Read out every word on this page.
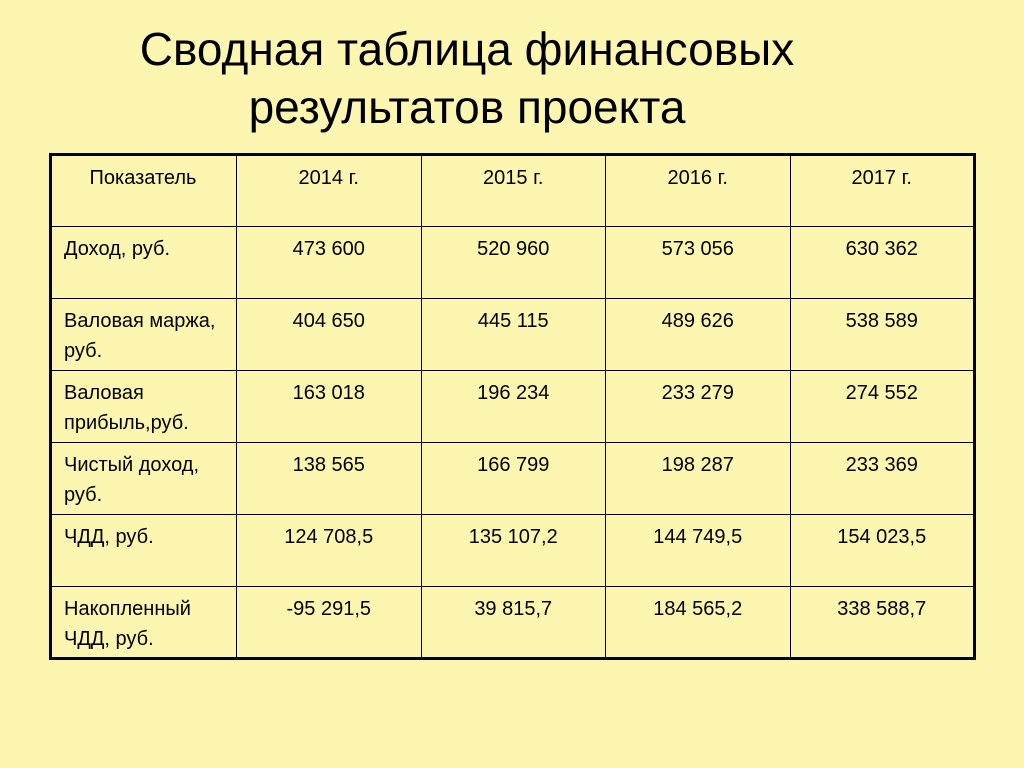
Сводная таблица финансовых
результатов проекта
Показатель	2014 г.	2015 г.	2016 г.	2017 г.
Доход, руб.	473 600	520 960	573 056	630 362
Валовая маржа, руб.	404 650	445 115	489 626	538 589
Валовая прибыль,руб.	163 018	196 234	233 279	274 552
Чистый доход, руб.	138 565	166 799	198 287	233 369
ЧДД, руб.	124 708,5	135 107,2	144 749,5	154 023,5
Накопленный ЧДД, руб.	-95 291,5	39 815,7	184 565,2	338 588,7
